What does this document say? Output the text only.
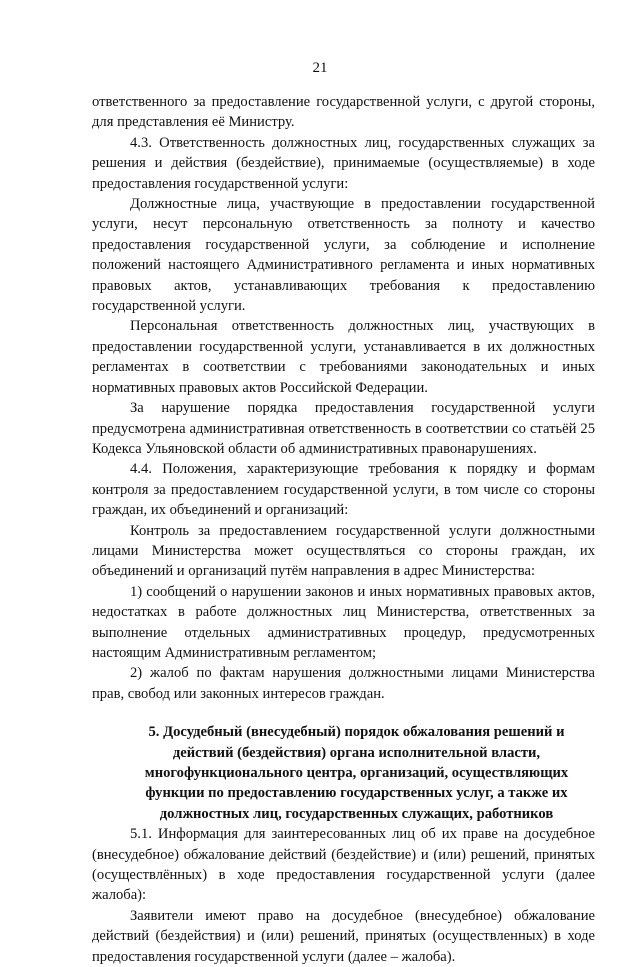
21

ответственного за предоставление государственной услуги, с другой стороны, для представления её Министру.

4.3. Ответственность должностных лиц, государственных служащих за решения и действия (бездействие), принимаемые (осуществляемые) в ходе предоставления государственной услуги:

Должностные лица, участвующие в предоставлении государственной услуги, несут персональную ответственность за полноту и качество предоставления государственной услуги, за соблюдение и исполнение положений настоящего Административного регламента и иных нормативных правовых актов, устанавливающих требования к предоставлению государственной услуги.

Персональная ответственность должностных лиц, участвующих в предоставлении государственной услуги, устанавливается в их должностных регламентах в соответствии с требованиями законодательных и иных нормативных правовых актов Российской Федерации.

За нарушение порядка предоставления государственной услуги предусмотрена административная ответственность в соответствии со статьёй 25 Кодекса Ульяновской области об административных правонарушениях.

4.4. Положения, характеризующие требования к порядку и формам контроля за предоставлением государственной услуги, в том числе со стороны граждан, их объединений и организаций:

Контроль за предоставлением государственной услуги должностными лицами Министерства может осуществляться со стороны граждан, их объединений и организаций путём направления в адрес Министерства:

1) сообщений о нарушении законов и иных нормативных правовых актов, недостатках в работе должностных лиц Министерства, ответственных за выполнение отдельных административных процедур, предусмотренных настоящим Административным регламентом;

2) жалоб по фактам нарушения должностными лицами Министерства прав, свобод или законных интересов граждан.

5. Досудебный (внесудебный) порядок обжалования решений и
действий (бездействия) органа исполнительной власти,
многофункционального центра, организаций, осуществляющих
функции по предоставлению государственных услуг, а также их
должностных лиц, государственных служащих, работников

5.1. Информация для заинтересованных лиц об их праве на досудебное (внесудебное) обжалование действий (бездействие) и (или) решений, принятых (осуществлённых) в ходе предоставления государственной услуги (далее жалоба):

Заявители имеют право на досудебное (внесудебное) обжалование действий (бездействия) и (или) решений, принятых (осуществленных) в ходе предоставления государственной услуги (далее – жалоба).
